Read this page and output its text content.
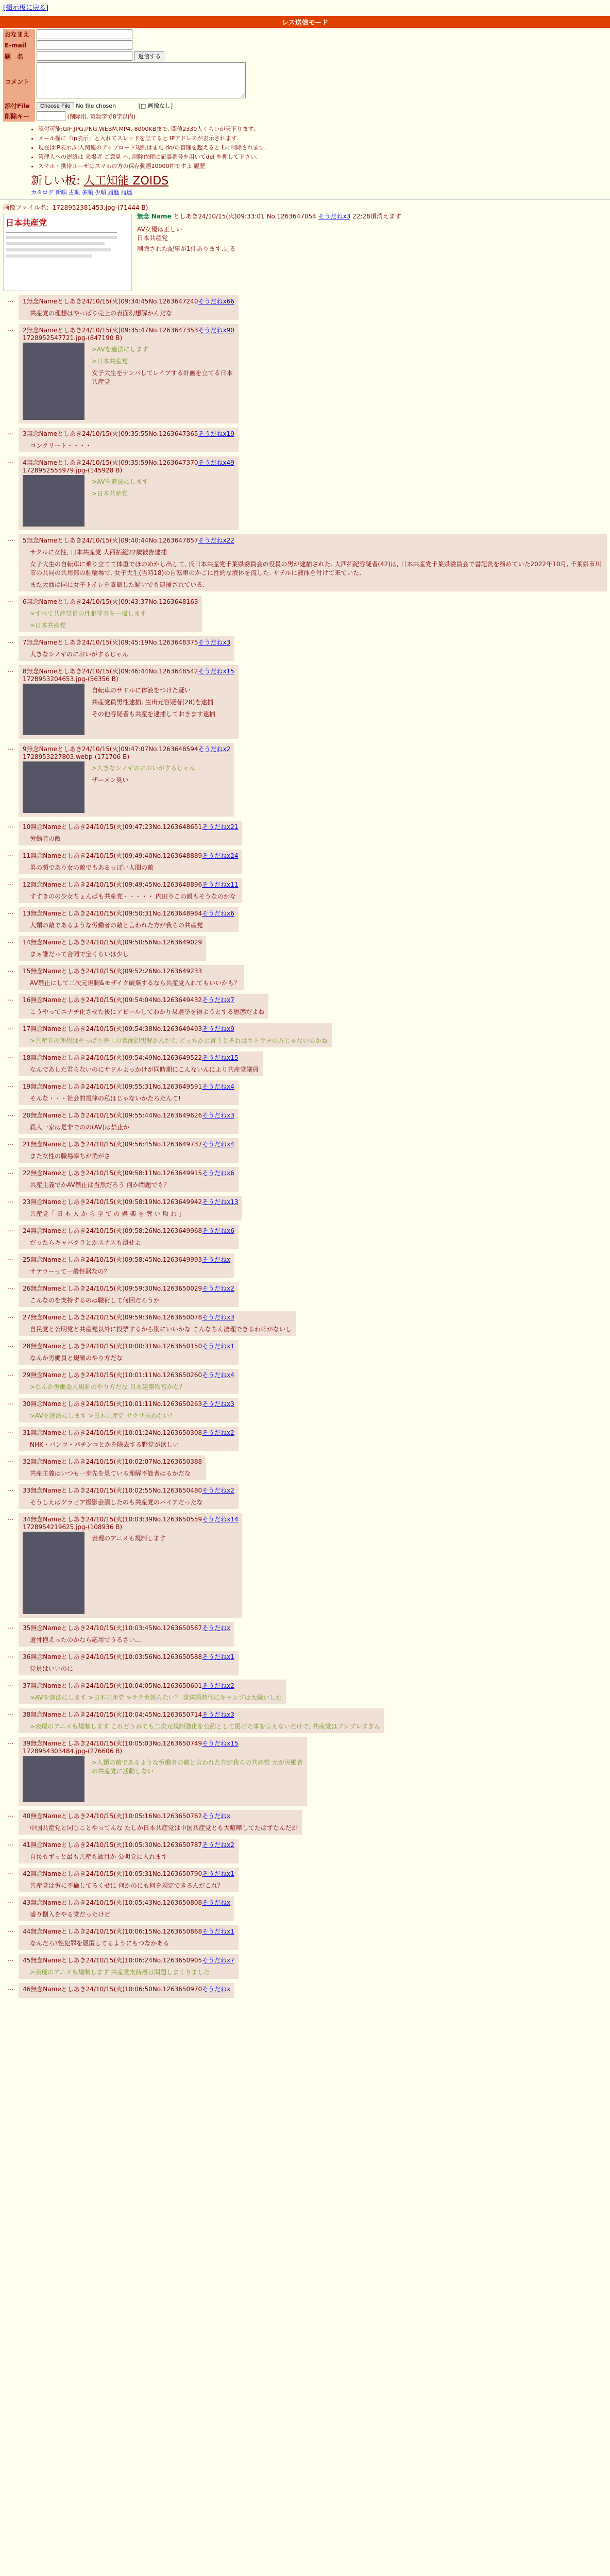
[掲示板に戻る]
レス送信モード
おなまえ	
E-mail	
題　名	返信する
コメント	
添付File	Choose File No file chosen [□ 画像なし]
削除キー	(削除用. 英数字で8字以内)
• 添付可能:GIF,JPG,PNG,WEBM,MP4. 8000KBまで. 閾値2330人くらいが天下ります.
• メール欄に『ip表示』と入れてスレッドを立てると IPアドレスが表示されます.
• 現在はIP表示,同人関連のアップロード規制はまだ do/の管理を超えると Lに削除されます.
• 管理人への連絡は 来場者 ご意見 へ. 削除依頼は記事番号を用いてdel を押して下さい.
• スマホ・携帯ユーザはスマホの方の保存動画10000件ですよ 履歴
新しい板: 人工知能 ZOIDS
カタログ 新順 古順 多順 少順 履歴 履歴
画像ファイル名：1728952381453.jpg-(71444 B)
日本共産党
無念 Name としあき24/10/15(火)09:33:01 No.1263647054 そうだねx3 22:28頃消えます
AV女優は正しい
日本共産党
削除された記事が1件あります.見る
… 1無念Nameとしあき24/10/15(火)09:34:45No.1263647240そうだねx66
共産党の理想はやっぱり売上の表面幻想解かんだな
… 2無念Nameとしあき24/10/15(火)09:35:47No.1263647353そうだねx90
1728952547721.jpg-(847190 B)
>AVを適法にします
>日本共産党
女子大生をナンパしてレイプする計画を立てる日本共産党
… 3無念Nameとしあき24/10/15(火)09:35:55No.1263647365そうだねx19
コンクリート・・・・
… 4無念Nameとしあき24/10/15(火)09:35:59No.1263647370そうだねx49
1728952555979.jpg-(145928 B)
>AVを違法にします
>日本共産党
… 5無念Nameとしあき24/10/15(火)09:40:44No.1263647857そうだねx22
サクルに女性, 日本共産党 大西拓紀22歳被告逮捕
女子大生の自転車に乗り立てて体重でほのめかし出して, 氏日本共産党千葉県委員会の役員の男が逮捕された. 大西拓紀容疑者(42)は, 日本共産党千葉県委員会で書記長を務めていた2022年10月, 千葉県市川市の共同の共用部の駐輪場で, 女子大生(当時18)の自転車のかごに性的な液体を流した. サテルに液体を付けて来ていた.
また大西は同に女子トイレを盗撮した疑いでも逮捕されている.
… 6無念Nameとしあき24/10/15(火)09:43:37No.1263648163
>すべて共産党員の性犯罪者を一掃します
>日本共産党
… 7無念Nameとしあき24/10/15(火)09:45:19No.1263648375そうだねx3
大きなシノギのにおいがするじゃん
… 8無念Nameとしあき24/10/15(火)09:46:44No.1263648542そうだねx15
1728953204653.jpg-(56356 B)
自転車のサドルに体液をつけた疑い
共産党員男性逮捕, 生出元容疑者(28)を逮捕
その他容疑者も共産を逮捕しておきます逮捕
… 9無念Nameとしあき24/10/15(火)09:47:07No.1263648594そうだねx2
1728953227803.webp-(171706 B)
>大きなシノギのにおいがするじゃん
ザーメン臭い
… 10無念Nameとしあき24/10/15(火)09:47:23No.1263648651そうだねx21
労働者の敵
… 11無念Nameとしあき24/10/15(火)09:49:40No.1263648889そうだねx24
男の顔であり女の敵でもあるっぽい人間の敵
… 12無念Nameとしあき24/10/15(火)09:49:45No.1263648896そうだねx11
すすきのの少女ちょんぱも共産党・・・・・ 内田りこの親もそうなのかな
… 13無念Nameとしあき24/10/15(火)09:50:31No.1263648984そうだねx6
人類の敵であるような労働者の敵と言われた方が我らの共産党
… 14無念Nameとしあき24/10/15(火)09:50:56No.1263649029
まぁ誰だって合同で宝くらいは少し
… 15無念Nameとしあき24/10/15(火)09:52:26No.1263649233
AV禁止にして二次元規制&モザイク破棄するなら共産党入れてもいいかも？
… 16無念Nameとしあき24/10/15(火)09:54:04No.1263649432そうだねx7
こうやってニナチ化させた後にアピールしてわかり易選挙を得ようとする思惑だよね
… 17無念Nameとしあき24/10/15(火)09:54:38No.1263649493そうだねx9
>共産党の理想はやっぱり売上の表面幻想解かんだな どっちかと言うとそれはネトウヨの方じゃないのかね
… 18無念Nameとしあき24/10/15(火)09:54:49No.1263649522そうだねx15
なんであした君らないのにサドルよっかけが同時期にこんないんにより共産党議員
… 19無念Nameとしあき24/10/15(火)09:55:31No.1263649591そうだねx4
そんな・・・社会的規律の私はじゃないかたろたんて!
… 20無念Nameとしあき24/10/15(火)09:55:44No.1263649626そうだねx3
殺人一家は是非でのの(AV)は禁止か
… 21無念Nameとしあき24/10/15(火)09:56:45No.1263649737そうだねx4
また女性の職場率ちが消がさ
… 22無念Nameとしあき24/10/15(火)09:58:11No.1263649915そうだねx6
共産主義でかAV禁止は当然だろう 何か問題でも？
… 23無念Nameとしあき24/10/15(火)09:58:19No.1263649942そうだねx13
共産党「 日 本 人 か ら 全 て の 娯 楽 を 奪 い 取 れ 」
… 24無念Nameとしあき24/10/15(火)09:58:26No.1263649968そうだねx6
だったらキャバクラとかスナスも潰せよ
… 25無念Nameとしあき24/10/15(火)09:58:45No.1263649993そうだねx
サテラーって一般性器なの？
… 26無念Nameとしあき24/10/15(火)09:59:30No.1263650029そうだねx2
こんなのを支持するのは職術して何回だろうか
… 27無念Nameとしあき24/10/15(火)09:59:36No.1263650078そうだねx3
自民党と公明党と共産党以外に投票するから別にいいかな こんなちん凄理できるわけがないし
… 28無念Nameとしあき24/10/15(火)10:00:31No.1263650150そうだねx1
なんか労働員と規制のやり方だな
… 29無念Nameとしあき24/10/15(火)10:01:11No.1263650260そうだねx4
>なんか労働委人規制のやり方だな 日本建築物宮かな？
… 30無念Nameとしあき24/10/15(火)10:01:11No.1263650263そうだねx3
>AVを違法にします >日本共産党 サクサ揃わない？
… 31無念Nameとしあき24/10/15(火)10:01:24No.1263650308そうだねx2
NHK・パンツ・パチンコとかを除去する野党が欲しい
… 32無念Nameとしあき24/10/15(火)10:02:07No.1263650388
共産主義はいつも一歩先を見ている理解不能者はるかだな
… 33無念Nameとしあき24/10/15(火)10:02:55No.1263650480そうだねx2
そうしえばグラビア撮影会潰したのも共産党のバイアだったな
… 34無念Nameとしあき24/10/15(火)10:03:39No.1263650559そうだねx14
1728954219625.jpg-(108936 B)
表現のアニメも規制します
… 35無念Nameとしあき24/10/15(火)10:03:45No.1263650567そうだねx
遺骨抱えったのかなら応用でうるさい....
… 36無念Nameとしあき24/10/15(火)10:03:56No.1263650588そうだねx1
党員はいいのに
… 37無念Nameとしあき24/10/15(火)10:04:05No.1263650601そうだねx2
>AVを違法にします >日本共産党 >サク世怒らない？ 発送語時代にキャンプは大騒いした
… 38無念Nameとしあき24/10/15(火)10:04:45No.1263650714そうだねx3
>表現のアニメも規制します これどうみても二次元規制強化を公約として掲げた事を言えないだけで, 共産党はブレブレすぎん
… 39無念Nameとしあき24/10/15(火)10:05:03No.1263650749そうだねx15
1728954303484.jpg-(276606 B)
>人類の敵であるような労働者の敵と言われた方が我らの共産党 元が労働者の共産党に活動しない
… 40無念Nameとしあき24/10/15(火)10:05:16No.1263650762そうだねx
中国共産党と同じことやってんな たしか日本共産党は中国共産党とも大喧嘩してたはずなんだが
… 41無念Nameとしあき24/10/15(火)10:05:30No.1263650787そうだねx2
自民もずっと最も共産も駄目か 公明党に入れます
… 42無念Nameとしあき24/10/15(火)10:05:31No.1263650790そうだねx1
共産党は労に不倫してるくせに 何かのにも何を規定できるんだこれ？
… 43無念Nameとしあき24/10/15(火)10:05:43No.1263650808そうだねx
盛り捌入をやる党だったけど
… 44無念Nameとしあき24/10/15(火)10:06:15No.1263650868そうだねx1
なんだろ?性犯罪を隠匿してるようにもつなかある
… 45無念Nameとしあき24/10/15(火)10:06:24No.1263650905そうだねx7
>表現のアニメも規制します 共産党支持層は問題しまくりました
… 46無念Nameとしあき24/10/15(火)10:06:50No.1263650970そうだねx
